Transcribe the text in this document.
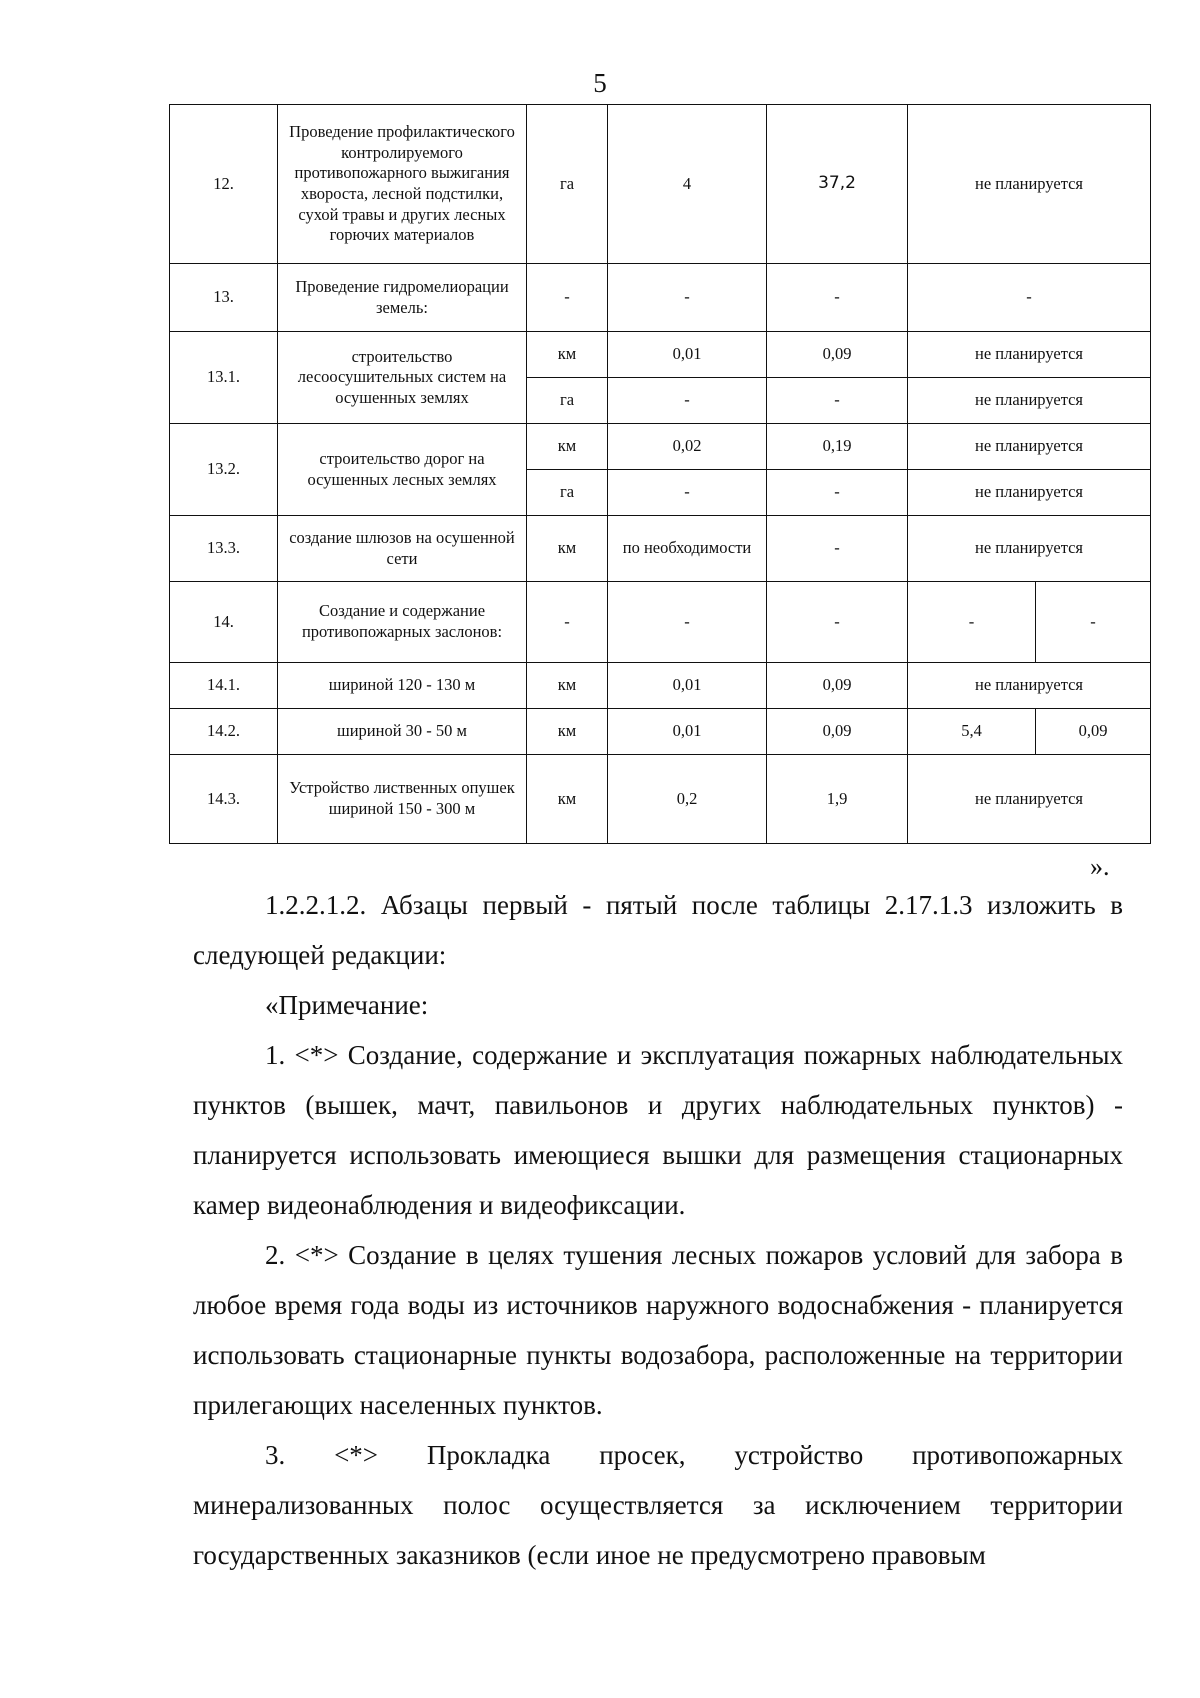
5
12.	Проведение профилактического контролируемого противопожарного выжигания хвороста, лесной подстилки, сухой травы и других лесных горючих материалов	га	4	37,2	не планируется	
13.	Проведение гидромелиорации земель:	-	-	-	-	
13.1.	строительство лесоосушительных систем на осушенных землях	км	0,01	0,09	не планируется	
		га	-	-	не планируется	
13.2.	строительство дорог на осушенных лесных землях	км	0,02	0,19	не планируется	
		га	-	-	не планируется	
13.3.	создание шлюзов на осушенной сети	км	по необходимости	-	не планируется	
14.	Создание и содержание противопожарных заслонов:	-	-	-	-	-
14.1.	шириной 120 - 130 м	км	0,01	0,09	не планируется	
14.2.	шириной 30 - 50 м	км	0,01	0,09	5,4	0,09
14.3.	Устройство лиственных опушек шириной 150 - 300 м	км	0,2	1,9	не планируется	
».

1.2.2.1.2. Абзацы первый - пятый после таблицы 2.17.1.3 изложить в следующей редакции:

«Примечание:

1. <*> Создание, содержание и эксплуатация пожарных наблюдательных пунктов (вышек, мачт, павильонов и других наблюдательных пунктов) - планируется использовать имеющиеся вышки для размещения стационарных камер видеонаблюдения и видеофиксации.

2. <*> Создание в целях тушения лесных пожаров условий для забора в любое время года воды из источников наружного водоснабжения - планируется использовать стационарные пункты водозабора, расположенные на территории прилегающих населенных пунктов.

3. <*> Прокладка просек, устройство противопожарных минерализованных полос осуществляется за исключением территории государственных заказников (если иное не предусмотрено правовым
